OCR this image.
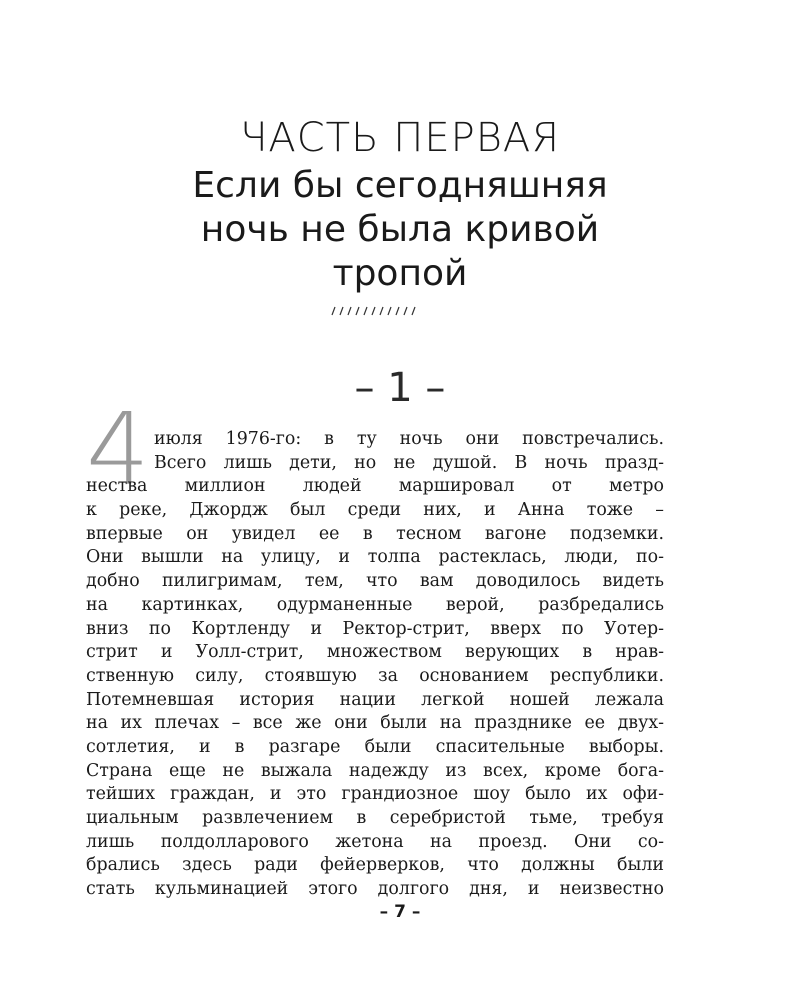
ЧАСТЬ ПЕРВАЯ
Если бы сегодняшняя
ночь не была кривой
тропой
– 1 –
4 июля 1976-го: в ту ночь они повстречались.
Всего лишь дети, но не душой. В ночь празд-
нества миллион людей маршировал от метро
к реке, Джордж был среди них, и Анна тоже –
впервые он увидел ее в тесном вагоне подземки.
Они вышли на улицу, и толпа растеклась, люди, по-
добно пилигримам, тем, что вам доводилось видеть
на картинках, одурманенные верой, разбредались
вниз по Кортленду и Ректор-стрит, вверх по Уотер-
стрит и Уолл-стрит, множеством верующих в нрав-
ственную силу, стоявшую за основанием республики.
Потемневшая история нации легкой ношей лежала
на их плечах – все же они были на празднике ее двух-
сотлетия, и в разгаре были спасительные выборы.
Страна еще не выжала надежду из всех, кроме бога-
тейших граждан, и это грандиозное шоу было их офи-
циальным развлечением в серебристой тьме, требуя
лишь полдолларового жетона на проезд. Они со-
брались здесь ради фейерверков, что должны были
стать кульминацией этого долгого дня, и неизвестно
– 7 –
